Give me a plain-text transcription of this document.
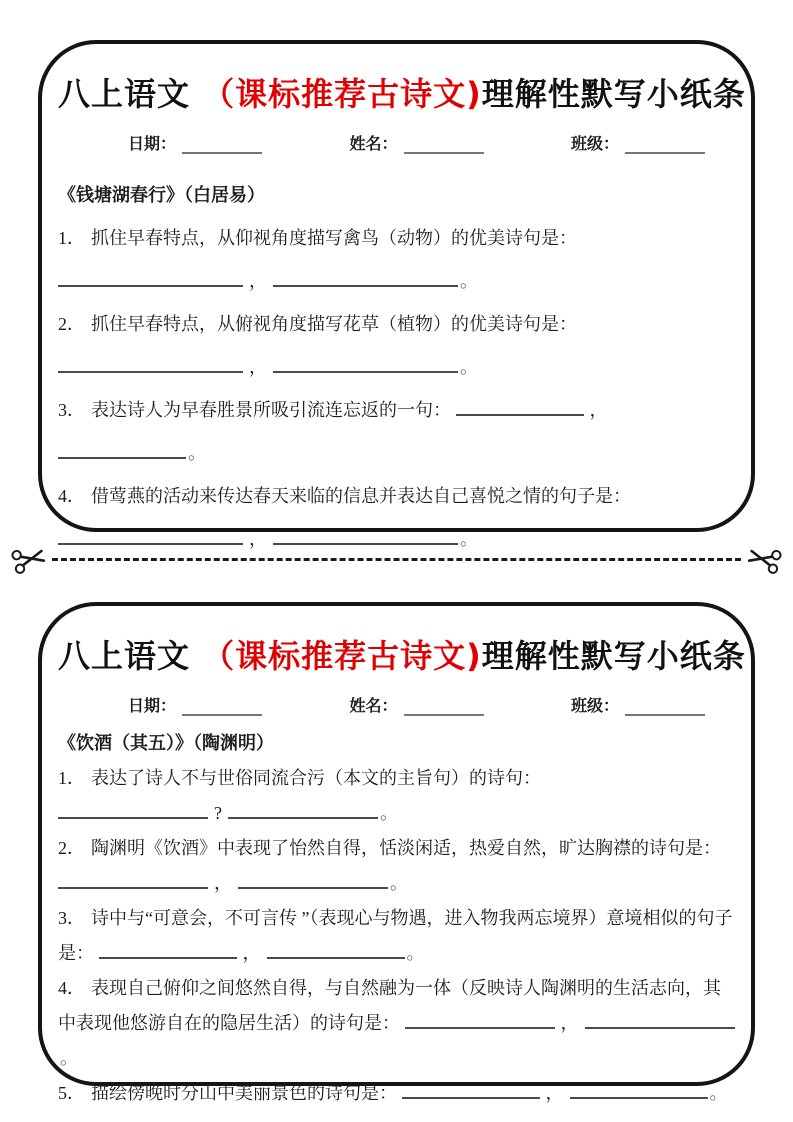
八上语文 （课标推荐古诗文)理解性默写小纸条
日期：	姓名：	班级：

《钱塘湖春行》（白居易）

1． 抓住早春特点，从仰视角度描写禽鸟（动物）的优美诗句是：

，	。

2． 抓住早春特点，从俯视角度描写花草（植物）的优美诗句是：

，	。

3． 表达诗人为早春胜景所吸引流连忘返的一句：	，。

4． 借莺燕的活动来传达春天来临的信息并表达自己喜悦之情的句子是：

，	。

八上语文 （课标推荐古诗文)理解性默写小纸条
日期：	姓名：	班级：

《饮酒（其五）》（陶渊明）

1． 表达了诗人不与世俗同流合污（本文的主旨句）的诗句：

?	。

2． 陶渊明《饮酒》中表现了怡然自得，恬淡闲适，热爱自然，旷达胸襟的诗句是：

，	。

3． 诗中与“可意会，不可言传 ”（表现心与物遇，进入物我两忘境界）意境相似的句子是：	，	。

4． 表现自己俯仰之间悠然自得，与自然融为一体（反映诗人陶渊明的生活志向，其中表现他悠游自在的隐居生活）的诗句是：	，。

5． 描绘傍晚时分山中美丽景色的诗句是：	，	。
